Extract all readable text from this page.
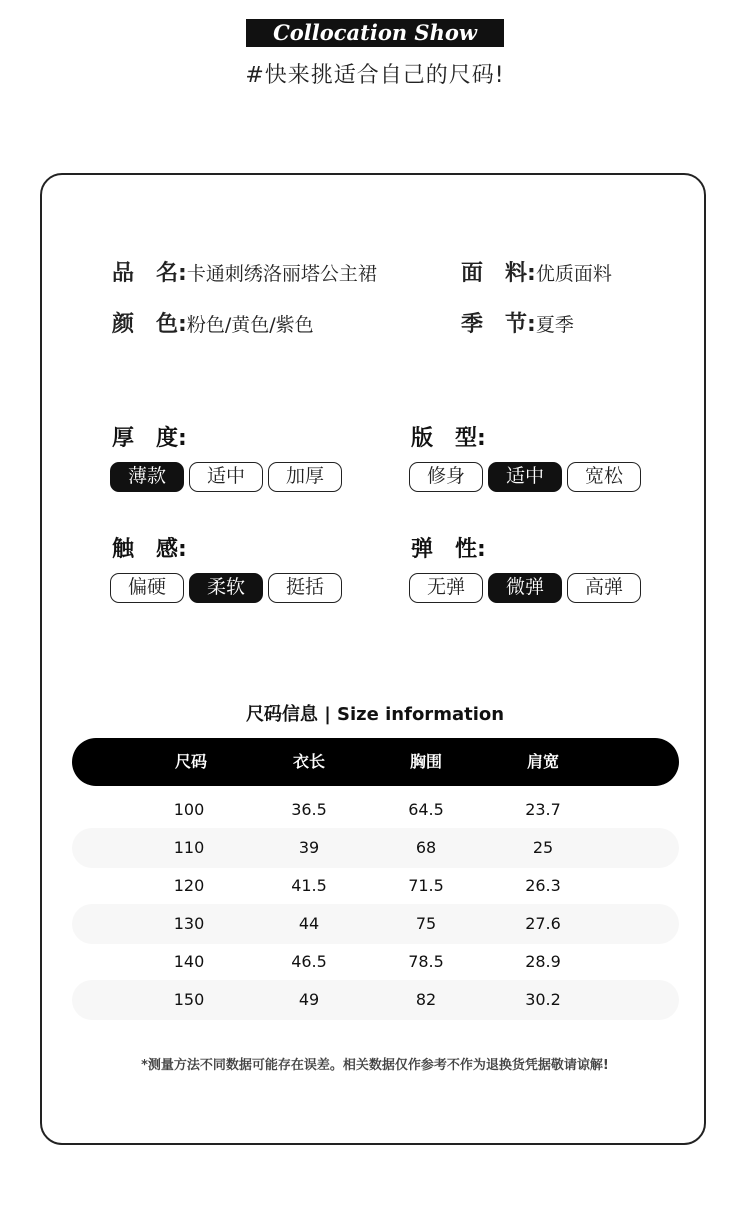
Collocation Show
#快来挑适合自己的尺码!
品　名:卡通刺绣洛丽塔公主裙	面　料:优质面料
颜　色:粉色/黄色/紫色	季　节:夏季
厚　度:
薄款	适中	加厚
版　型:
修身	适中	宽松
触　感:
偏硬	柔软	挺括
弹　性:
无弹	微弹	高弹
尺码信息 | Size information
尺码	衣长	胸围	肩宽
100	36.5	64.5	23.7
110	39	68	25
120	41.5	71.5	26.3
130	44	75	27.6
140	46.5	78.5	28.9
150	49	82	30.2
*测量方法不同数据可能存在误差。相关数据仅作参考不作为退换货凭据敬请谅解!
